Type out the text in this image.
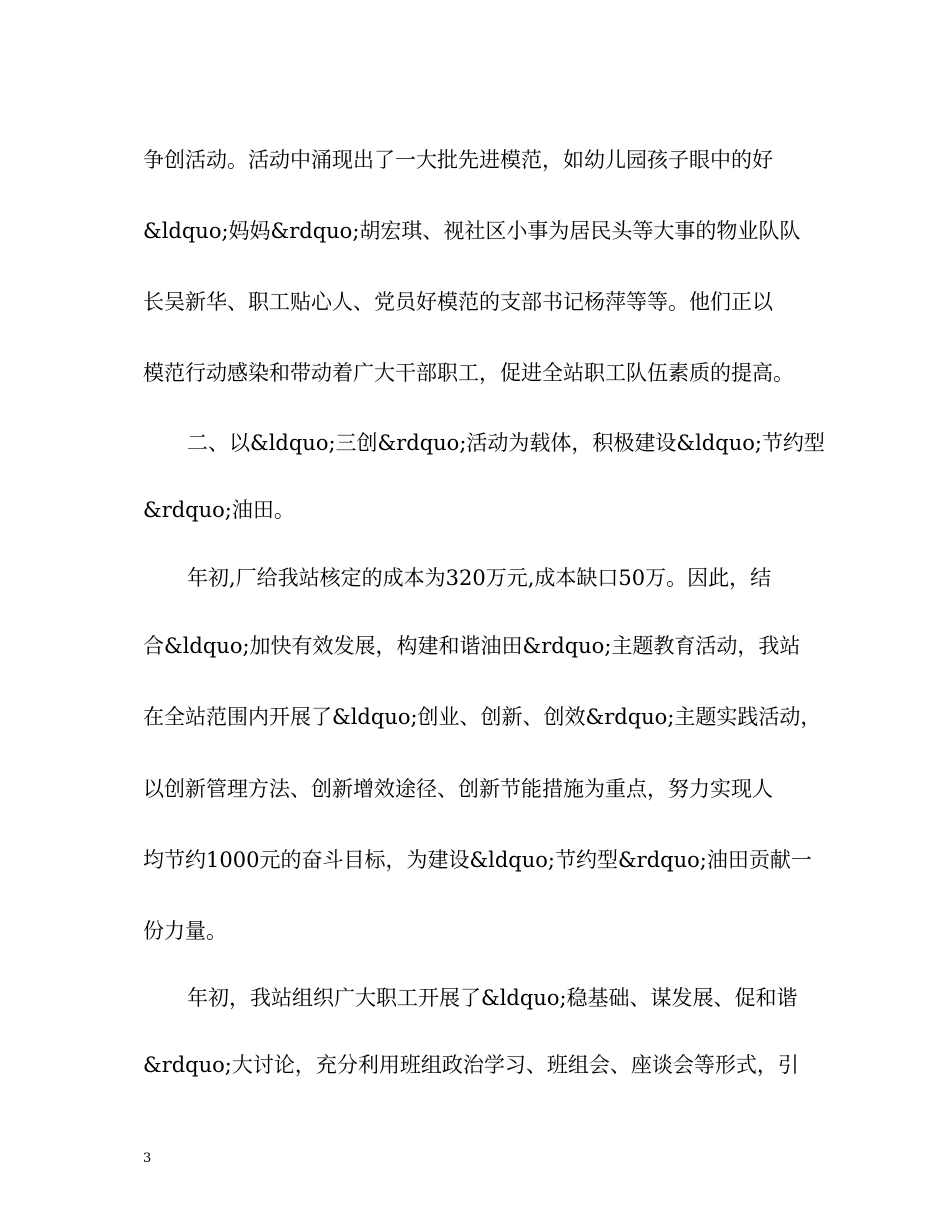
争创活动。活动中涌现出了一大批先进模范，如幼儿园孩子眼中的好
&ldquo;妈妈&rdquo;胡宏琪、视社区小事为居民头等大事的物业队队
长吴新华、职工贴心人、党员好模范的支部书记杨萍等等。他们正以
模范行动感染和带动着广大干部职工，促进全站职工队伍素质的提高。
二、以&ldquo;三创&rdquo;活动为载体，积极建设&ldquo;节约型
&rdquo;油田。
年初,厂给我站核定的成本为320万元,成本缺口50万。因此，结
合&ldquo;加快有效发展，构建和谐油田&rdquo;主题教育活动，我站
在全站范围内开展了&ldquo;创业、创新、创效&rdquo;主题实践活动，
以创新管理方法、创新增效途径、创新节能措施为重点，努力实现人
均节约1000元的奋斗目标，为建设&ldquo;节约型&rdquo;油田贡献一
份力量。
年初，我站组织广大职工开展了&ldquo;稳基础、谋发展、促和谐
&rdquo;大讨论，充分利用班组政治学习、班组会、座谈会等形式，引
3
